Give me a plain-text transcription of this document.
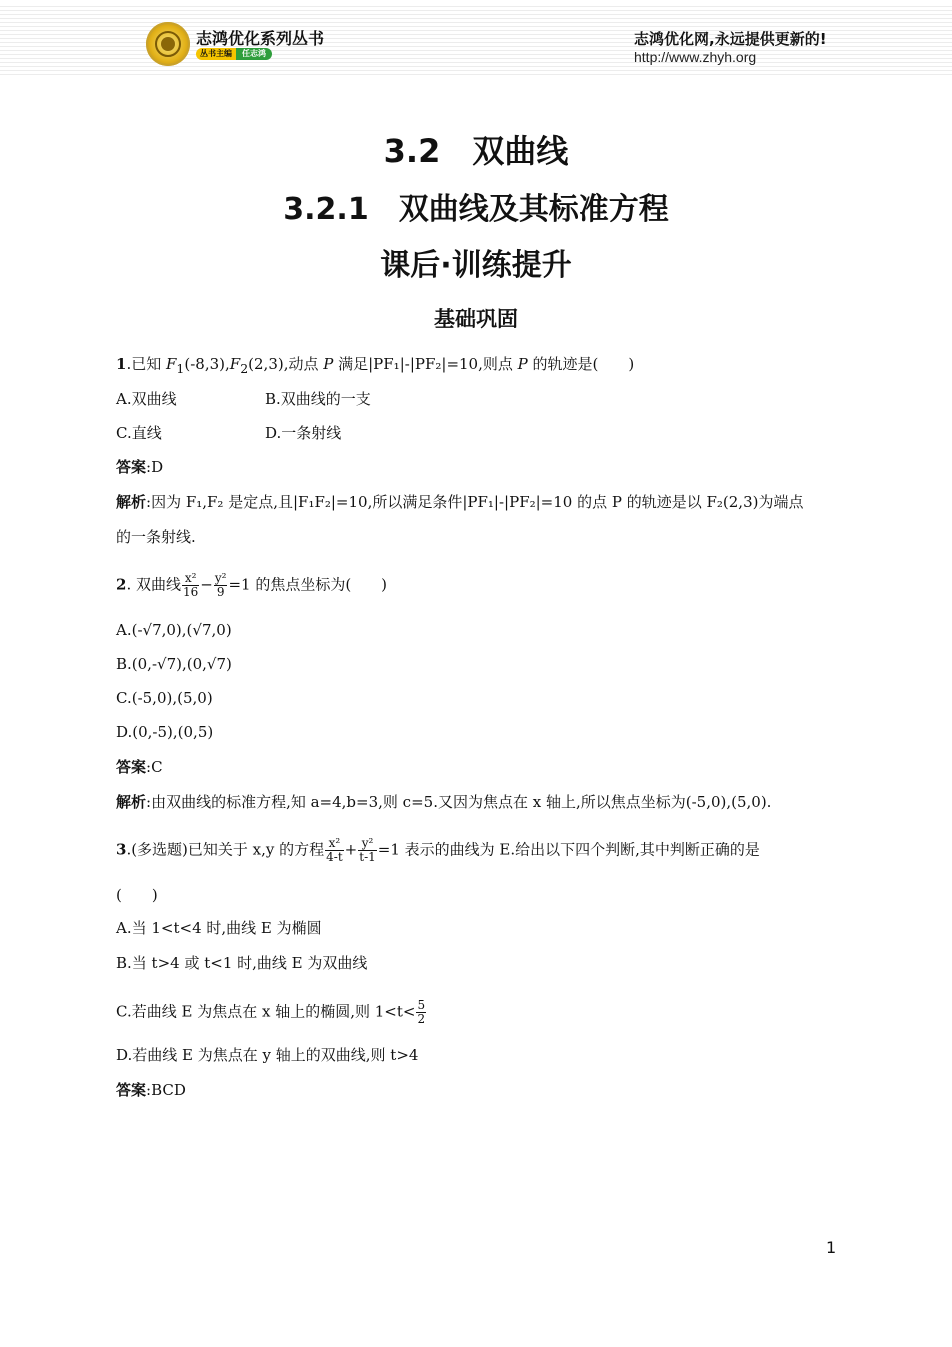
志鸿优化系列丛书
丛书主编 任志鸿
志鸿优化网,永远提供更新的!
http://www.zhyh.org
3.2　双曲线
3.2.1　双曲线及其标准方程
课后·训练提升
基础巩固
1.已知 $F_1(-8,3),F_2(2,3)$,动点 P 满足|PF₁|-|PF₂|=10,则点 P 的轨迹是(　　)
A.双曲线	B.双曲线的一支
C.直线	D.一条射线
答案:D
解析:因为 F₁,F₂ 是定点,且|F₁F₂|=10,所以满足条件|PF₁|-|PF₂|=10 的点 P 的轨迹是以 F₂(2,3)为端点
的一条射线.
2. 双曲线 $\frac{\text{x²}}{16} - \frac{\text{y²}}{9} =1$ 的焦点坐标为(　　)
A.(-√7,0),(√7,0)
B.(0,-√7),(0,√7)
C.(-5,0),(5,0)
D.(0,-5),(0,5)
答案:C
解析:由双曲线的标准方程,知 a=4,b=3,则 c=5.又因为焦点在 x 轴上,所以焦点坐标为(-5,0),(5,0).
3.(多选题)已知关于 x,y 的方程 $\frac{\text{x²}}{4-t} + \frac{\text{y²}}{t-1} =1$ 表示的曲线为 E.给出以下四个判断,其中判断正确的是
(　　)
A.当 1<t<4 时,曲线 E 为椭圆
B.当 t>4 或 t<1 时,曲线 E 为双曲线
C.若曲线 E 为焦点在 x 轴上的椭圆,则 $1<t< \frac{5}{2}$
D.若曲线 E 为焦点在 y 轴上的双曲线,则 t>4
答案:BCD
1
